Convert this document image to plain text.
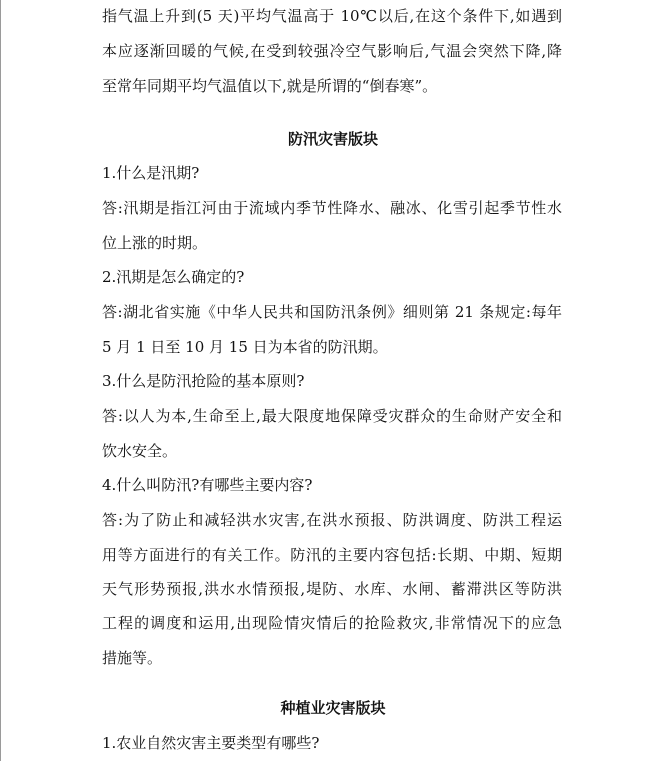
指气温上升到(5 天)平均气温高于 10℃以后,在这个条件下,如遇到
本应逐渐回暖的气候,在受到较强冷空气影响后,气温会突然下降,降
至常年同期平均气温值以下,就是所谓的“倒春寒”。
防汛灾害版块
1.什么是汛期?
答:汛期是指江河由于流域内季节性降水、融冰、化雪引起季节性水
位上涨的时期。
2.汛期是怎么确定的?
答:湖北省实施《中华人民共和国防汛条例》细则第 21 条规定:每年
5 月 1 日至 10 月 15 日为本省的防汛期。
3.什么是防汛抢险的基本原则?
答:以人为本,生命至上,最大限度地保障受灾群众的生命财产安全和
饮水安全。
4.什么叫防汛?有哪些主要内容?
答:为了防止和减轻洪水灾害,在洪水预报、防洪调度、防洪工程运
用等方面进行的有关工作。防汛的主要内容包括:长期、中期、短期
天气形势预报,洪水水情预报,堤防、水库、水闸、蓄滞洪区等防洪
工程的调度和运用,出现险情灾情后的抢险救灾,非常情况下的应急
措施等。
种植业灾害版块
1.农业自然灾害主要类型有哪些?
